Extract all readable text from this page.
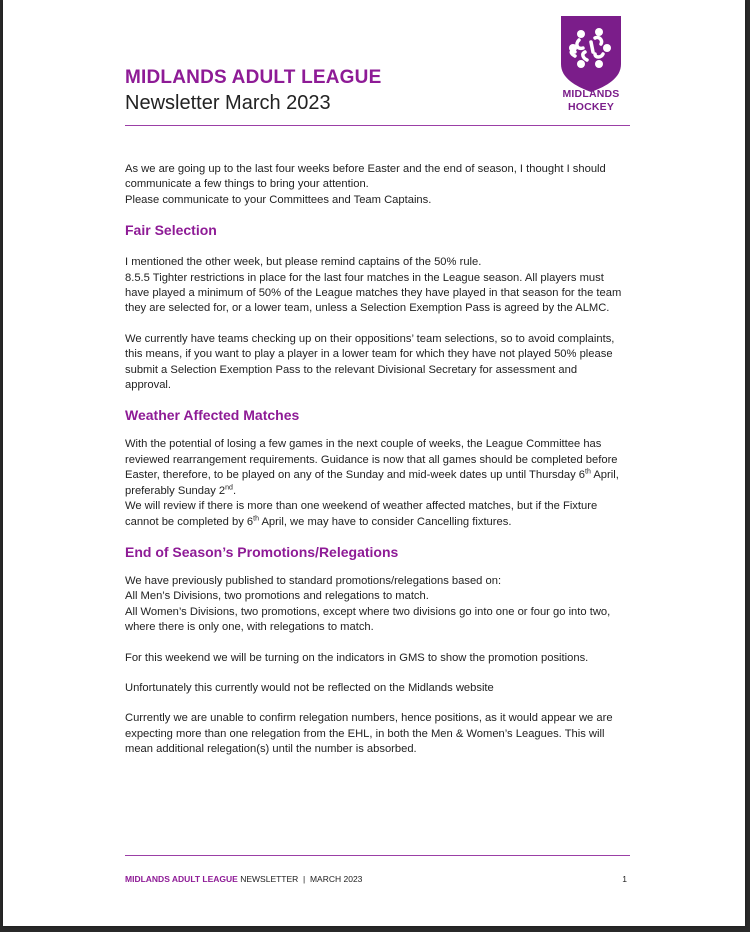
MIDLANDS
HOCKEY
MIDLANDS ADULT LEAGUE
Newsletter March 2023

As we are going up to the last four weeks before Easter and the end of season, I thought I should communicate a few things to bring your attention.

Please communicate to your Committees and Team Captains.

Fair Selection

I mentioned the other week, but please remind captains of the 50% rule.

8.5.5 Tighter restrictions in place for the last four matches in the League season. All players must have played a minimum of 50% of the League matches they have played in that season for the team they are selected for, or a lower team, unless a Selection Exemption Pass is agreed by the ALMC.

We currently have teams checking up on their oppositions’ team selections, so to avoid complaints, this means, if you want to play a player in a lower team for which they have not played 50% please submit a Selection Exemption Pass to the relevant Divisional Secretary for assessment and approval.

Weather Affected Matches

With the potential of losing a few games in the next couple of weeks, the League Committee has reviewed rearrangement requirements. Guidance is now that all games should be completed before Easter, therefore, to be played on any of the Sunday and mid-week dates up until Thursday 6th April, preferably Sunday 2nd.

We will review if there is more than one weekend of weather affected matches, but if the Fixture cannot be completed by 6th April, we may have to consider Cancelling fixtures.

End of Season’s Promotions/Relegations

We have previously published to standard promotions/relegations based on:

All Men’s Divisions, two promotions and relegations to match.

All Women’s Divisions, two promotions, except where two divisions go into one or four go into two, where there is only one, with relegations to match.

For this weekend we will be turning on the indicators in GMS to show the promotion positions.

Unfortunately this currently would not be reflected on the Midlands website

Currently we are unable to confirm relegation numbers, hence positions, as it would appear we are expecting more than one relegation from the EHL, in both the Men & Women’s Leagues. This will mean additional relegation(s) until the number is absorbed.

MIDLANDS ADULT LEAGUE NEWSLETTER  |  MARCH 2023	1
